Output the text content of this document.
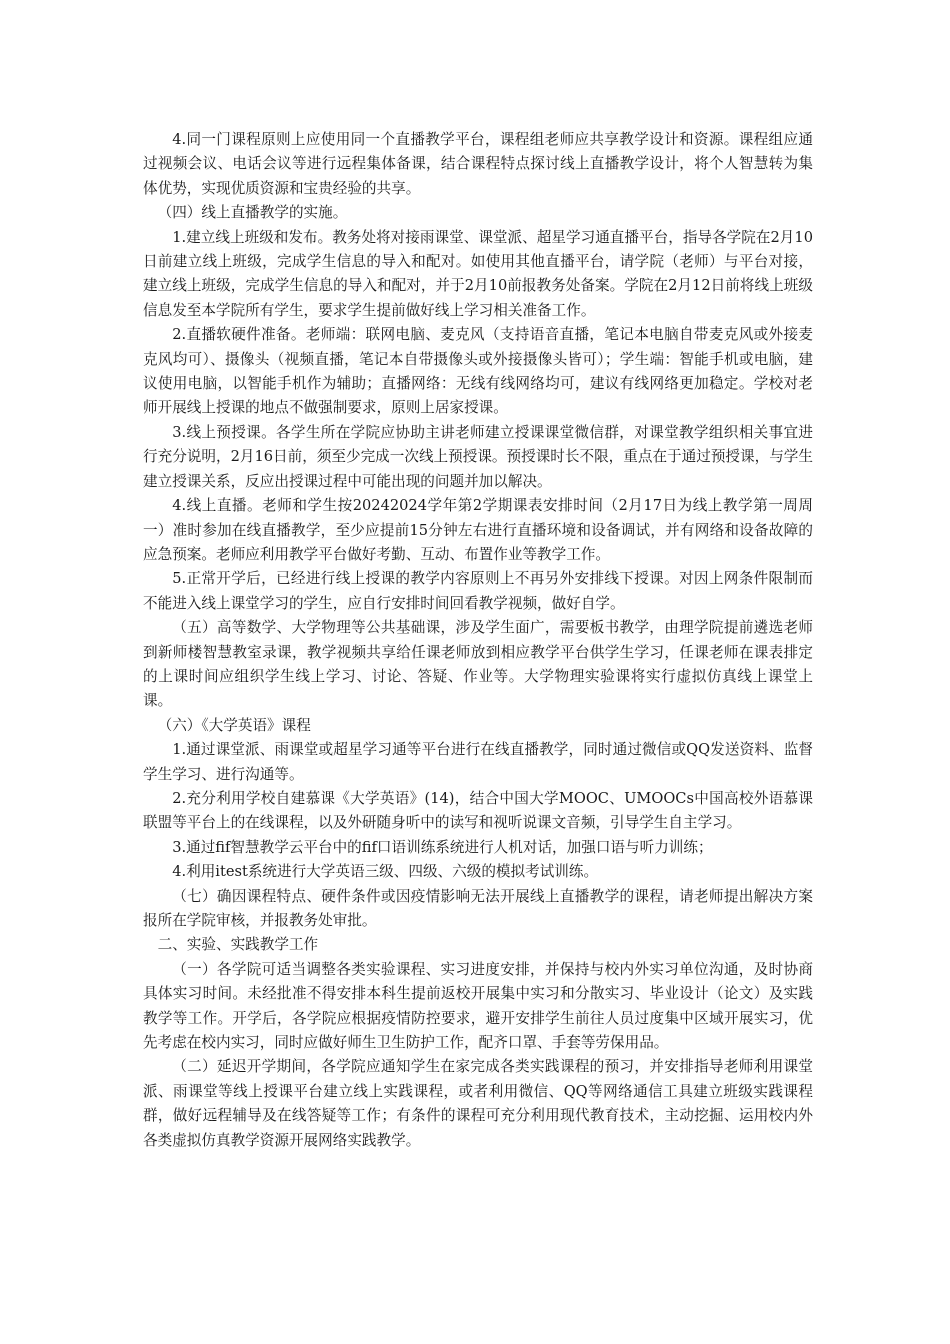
4.同一门课程原则上应使用同一个直播教学平台，课程组老师应共享教学设计和资源。课程组应通过视频会议、电话会议等进行远程集体备课，结合课程特点探讨线上直播教学设计，将个人智慧转为集体优势，实现优质资源和宝贵经验的共享。

（四）线上直播教学的实施。

1.建立线上班级和发布。教务处将对接雨课堂、课堂派、超星学习通直播平台，指导各学院在2月10日前建立线上班级，完成学生信息的导入和配对。如使用其他直播平台，请学院（老师）与平台对接，建立线上班级，完成学生信息的导入和配对，并于2月10前报教务处备案。学院在2月12日前将线上班级信息发至本学院所有学生，要求学生提前做好线上学习相关准备工作。

2.直播软硬件准备。老师端：联网电脑、麦克风（支持语音直播，笔记本电脑自带麦克风或外接麦克风均可）、摄像头（视频直播，笔记本自带摄像头或外接摄像头皆可）；学生端：智能手机或电脑，建议使用电脑，以智能手机作为辅助；直播网络：无线有线网络均可，建议有线网络更加稳定。学校对老师开展线上授课的地点不做强制要求，原则上居家授课。

3.线上预授课。各学生所在学院应协助主讲老师建立授课课堂微信群，对课堂教学组织相关事宜进行充分说明，2月16日前，须至少完成一次线上预授课。预授课时长不限，重点在于通过预授课，与学生建立授课关系，反应出授课过程中可能出现的问题并加以解决。

4.线上直播。老师和学生按20242024学年第2学期课表安排时间（2月17日为线上教学第一周周一）准时参加在线直播教学，至少应提前15分钟左右进行直播环境和设备调试，并有网络和设备故障的应急预案。老师应利用教学平台做好考勤、互动、布置作业等教学工作。

5.正常开学后，已经进行线上授课的教学内容原则上不再另外安排线下授课。对因上网条件限制而不能进入线上课堂学习的学生，应自行安排时间回看教学视频，做好自学。

（五）高等数学、大学物理等公共基础课，涉及学生面广，需要板书教学，由理学院提前遴选老师到新师楼智慧教室录课，教学视频共享给任课老师放到相应教学平台供学生学习，任课老师在课表排定的上课时间应组织学生线上学习、讨论、答疑、作业等。大学物理实验课将实行虚拟仿真线上课堂上课。

（六）《大学英语》课程

1.通过课堂派、雨课堂或超星学习通等平台进行在线直播教学，同时通过微信或QQ发送资料、监督学生学习、进行沟通等。

2.充分利用学校自建慕课《大学英语》(14)，结合中国大学MOOC、UMOOCs中国高校外语慕课联盟等平台上的在线课程，以及外研随身听中的读写和视听说课文音频，引导学生自主学习。

3.通过fif智慧教学云平台中的fif口语训练系统进行人机对话，加强口语与听力训练；

4.利用itest系统进行大学英语三级、四级、六级的模拟考试训练。

（七）确因课程特点、硬件条件或因疫情影响无法开展线上直播教学的课程，请老师提出解决方案报所在学院审核，并报教务处审批。

二、实验、实践教学工作

（一）各学院可适当调整各类实验课程、实习进度安排，并保持与校内外实习单位沟通，及时协商具体实习时间。未经批准不得安排本科生提前返校开展集中实习和分散实习、毕业设计（论文）及实践教学等工作。开学后，各学院应根据疫情防控要求，避开安排学生前往人员过度集中区域开展实习，优先考虑在校内实习，同时应做好师生卫生防护工作，配齐口罩、手套等劳保用品。

（二）延迟开学期间，各学院应通知学生在家完成各类实践课程的预习，并安排指导老师利用课堂派、雨课堂等线上授课平台建立线上实践课程，或者利用微信、QQ等网络通信工具建立班级实践课程群，做好远程辅导及在线答疑等工作；有条件的课程可充分利用现代教育技术，主动挖掘、运用校内外各类虚拟仿真教学资源开展网络实践教学。
